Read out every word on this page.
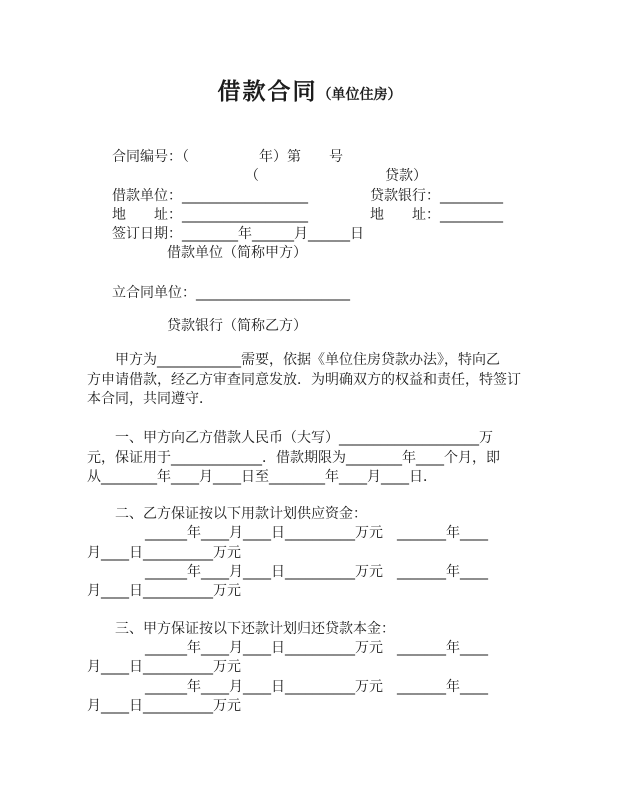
借款合同（单位住房）
合同编号：（　　　　　年）第　　号
（　　　　　　　　　贷款）
借款单位：__________________	贷款银行：_________
地　　址：__________________	地　　址：_________
签订日期：________年______月______日
借款单位（简称甲方）
立合同单位：______________________
贷款银行（简称乙方）
甲方为____________需要，依据《单位住房贷款办法》，特向乙
方申请借款，经乙方审查同意发放．为明确双方的权益和责任，特签订
本合同，共同遵守．
一、甲方向乙方借款人民币（大写）____________________万
元，保证用于_____________．借款期限为________年____个月，即
从________年____月____日至________年____月____日．
二、乙方保证按以下用款计划供应资金：
______年____月____日__________万元　_______年____
月____日__________万元
______年____月____日__________万元　_______年____
月____日__________万元
三、甲方保证按以下还款计划归还贷款本金：
______年____月____日__________万元　_______年____
月____日__________万元
______年____月____日__________万元　_______年____
月____日__________万元
